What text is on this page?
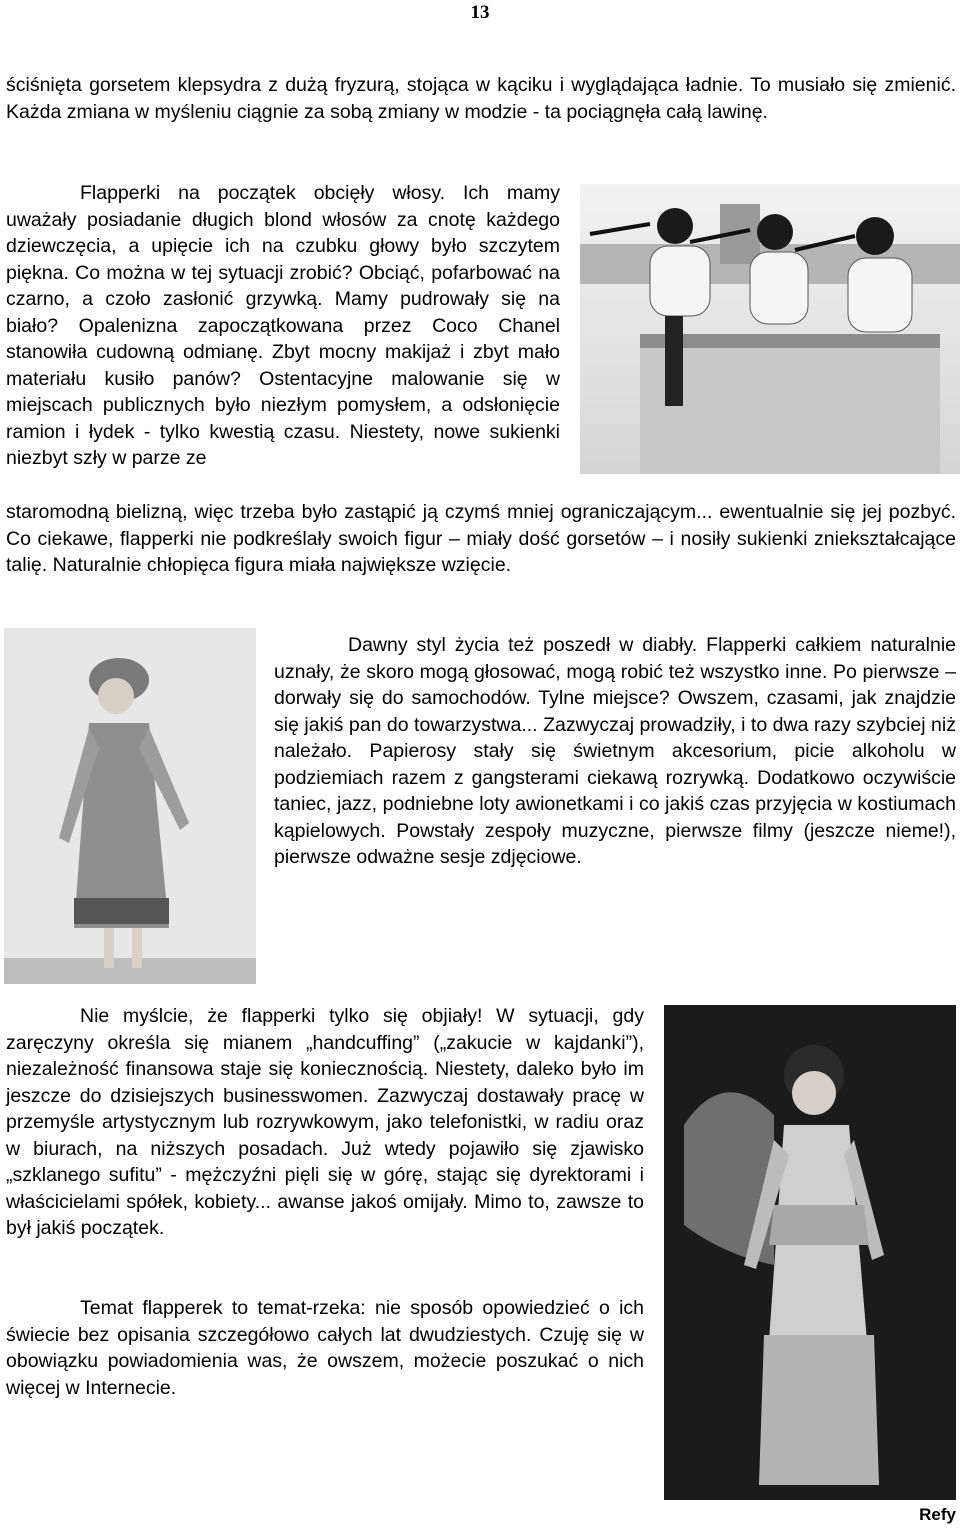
13

ściśnięta gorsetem klepsydra z dużą fryzurą, stojąca w kąciku i wyglądająca ładnie. To musiało się zmienić. Każda zmiana w myśleniu ciągnie za sobą zmiany w modzie - ta pociągnęła całą lawinę.

Flapperki na początek obcięły włosy. Ich mamy uważały posiadanie długich blond włosów za cnotę każdego dziewczęcia, a upięcie ich na czubku głowy było szczytem piękna. Co można w tej sytuacji zrobić? Obciąć, pofarbować na czarno, a czoło zasłonić grzywką. Mamy pudrowały się na biało? Opalenizna zapoczątkowana przez Coco Chanel stanowiła cudowną odmianę. Zbyt mocny makijaż i zbyt mało materiału kusiło panów? Ostentacyjne malowanie się w miejscach publicznych było niezłym pomysłem, a odsłonięcie ramion i łydek - tylko kwestią czasu. Niestety, nowe sukienki niezbyt szły w parze ze

staromodną bielizną, więc trzeba było zastąpić ją czymś mniej ograniczającym... ewentualnie się jej pozbyć. Co ciekawe, flapperki nie podkreślały swoich figur – miały dość gorsetów – i nosiły sukienki zniekształcające talię. Naturalnie chłopięca figura miała największe wzięcie.

Dawny styl życia też poszedł w diabły. Flapperki całkiem naturalnie uznały, że skoro mogą głosować, mogą robić też wszystko inne. Po pierwsze – dorwały się do samochodów. Tylne miejsce? Owszem, czasami, jak znajdzie się jakiś pan do towarzystwa... Zazwyczaj prowadziły, i to dwa razy szybciej niż należało. Papierosy stały się świetnym akcesorium, picie alkoholu w podziemiach razem z gangsterami ciekawą rozrywką. Dodatkowo oczywiście taniec, jazz, podniebne loty awionetkami i co jakiś czas przyjęcia w kostiumach kąpielowych. Powstały zespoły muzyczne, pierwsze filmy (jeszcze nieme!), pierwsze odważne sesje zdjęciowe.

Nie myślcie, że flapperki tylko się objiały! W sytuacji, gdy zaręczyny określa się mianem „handcuffing” („zakucie w kajdanki”), niezależność finansowa staje się koniecznością. Niestety, daleko było im jeszcze do dzisiejszych businesswomen. Zazwyczaj dostawały pracę w przemyśle artystycznym lub rozrywkowym, jako telefonistki, w radiu oraz w biurach, na niższych posadach. Już wtedy pojawiło się zjawisko „szklanego sufitu” - mężczyźni pięli się w górę, stając się dyrektorami i właścicielami spółek, kobiety... awanse jakoś omijały. Mimo to, zawsze to był jakiś początek.

Temat flapperek to temat-rzeka: nie sposób opowiedzieć o ich świecie bez opisania szczegółowo całych lat dwudziestych. Czuję się w obowiązku powiadomienia was, że owszem, możecie poszukać o nich więcej w Internecie.

Refy
